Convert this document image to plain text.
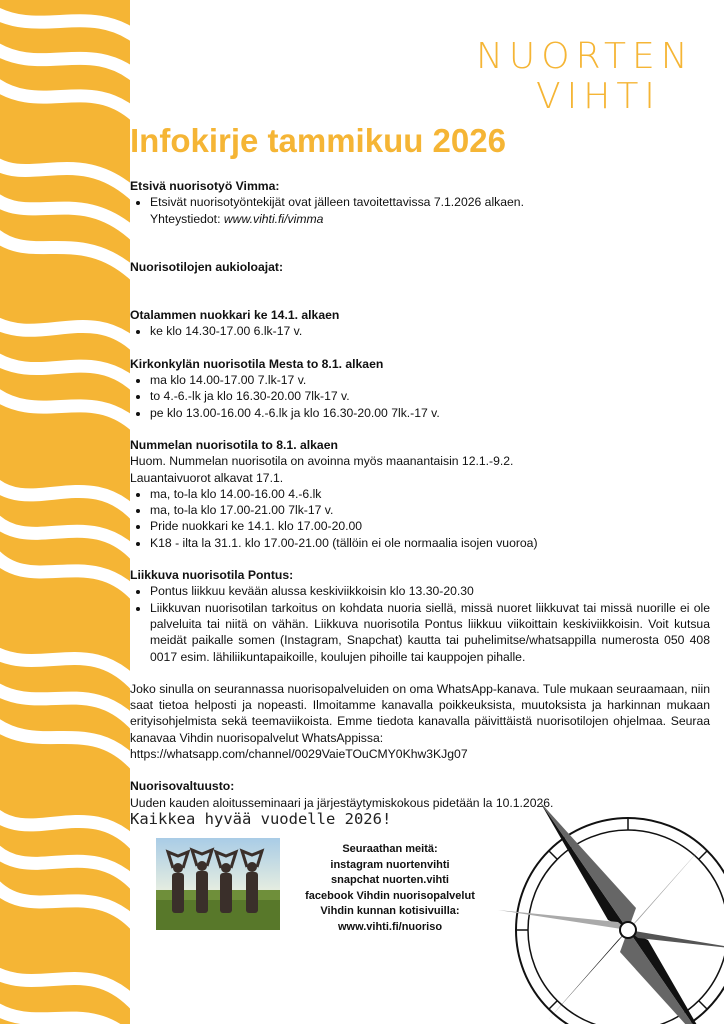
NUORTEN
VIHTI
Infokirje tammikuu 2026

Etsivä nuorisotyö Vimma:

• Etsivät nuorisotyöntekijät ovat jälleen tavoitettavissa 7.1.2026 alkaen.
Yhteystiedot: www.vihti.fi/vimma

Nuorisotilojen aukioloajat:

Otalammen nuokkari ke 14.1. alkaen

• ke klo 14.30-17.00 6.lk-17 v.

Kirkonkylän nuorisotila Mesta to 8.1. alkaen

• ma klo 14.00-17.00 7.lk-17 v.
• to 4.-6.-lk ja klo 16.30-20.00 7lk-17 v.
• pe klo 13.00-16.00 4.-6.lk ja klo 16.30-20.00 7lk.-17 v.

Nummelan nuorisotila to 8.1. alkaen

Huom. Nummelan nuorisotila on avoinna myös maanantaisin 12.1.-9.2.

Lauantaivuorot alkavat 17.1.

• ma, to-la klo 14.00-16.00 4.-6.lk
• ma, to-la klo 17.00-21.00 7lk-17 v.
• Pride nuokkari ke 14.1. klo 17.00-20.00
• K18 - ilta la 31.1. klo 17.00-21.00 (tällöin ei ole normaalia isojen vuoroa)

Liikkuva nuorisotila Pontus:

• Pontus liikkuu kevään alussa keskiviikkoisin klo 13.30-20.30
• Liikkuvan nuorisotilan tarkoitus on kohdata nuoria siellä, missä nuoret liikkuvat tai missä nuorille ei ole palveluita tai niitä on vähän. Liikkuva nuorisotila Pontus liikkuu viikoittain keskiviikkoisin. Voit kutsua meidät paikalle somen (Instagram, Snapchat) kautta tai puhelimitse/whatsappilla numerosta 050 408 0017 esim. lähiliikuntapaikoille, koulujen pihoille tai kauppojen pihalle.

Joko sinulla on seurannassa nuorisopalveluiden on oma WhatsApp-kanava. Tule mukaan seuraamaan, niin saat tietoa helposti ja nopeasti. Ilmoitamme kanavalla poikkeuksista, muutoksista ja harkinnan mukaan erityisohjelmista sekä teemaviikoista. Emme tiedota kanavalla päivittäistä nuorisotilojen ohjelmaa. Seuraa kanavaa Vihdin nuorisopalvelut WhatsAppissa:

https://whatsapp.com/channel/0029VaieTOuCMY0Khw3KJg07

Nuorisovaltuusto:

Uuden kauden aloitusseminaari ja järjestäytymiskokous pidetään la 10.1.2026.

Kaikkea hyvää vuodelle 2026!
Seuraathan meitä:
instagram nuortenvihti
snapchat nuorten.vihti
facebook Vihdin nuorisopalvelut
Vihdin kunnan kotisivuilla:
www.vihti.fi/nuoriso
